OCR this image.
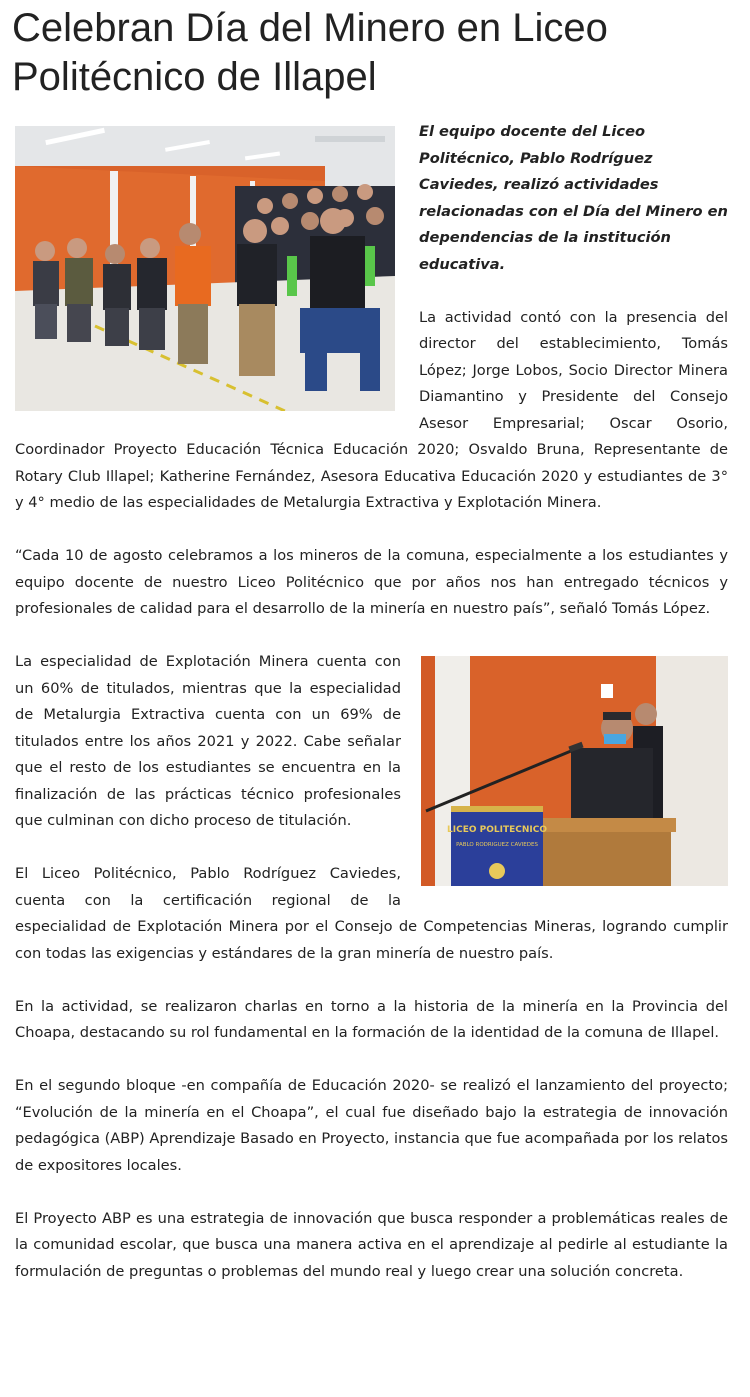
Celebran Día del Minero en Liceo Politécnico de Illapel

El equipo docente del Liceo Politécnico, Pablo Rodríguez Caviedes, realizó actividades relacionadas con el Día del Minero en dependencias de la institución educativa.

La actividad contó con la presencia del director del establecimiento, Tomás López; Jorge Lobos, Socio Director Minera Diamantino y Presidente del Consejo Asesor Empresarial; Oscar Osorio, Coordinador Proyecto Educación Técnica Educación 2020; Osvaldo Bruna, Representante de Rotary Club Illapel; Katherine Fernández, Asesora Educativa Educación 2020 y estudiantes de 3° y 4° medio de las especialidades de Metalurgia Extractiva y Explotación Minera.

“Cada 10 de agosto celebramos a los mineros de la comuna, especialmente a los estudiantes y equipo docente de nuestro Liceo Politécnico que por años nos han entregado técnicos y profesionales de calidad para el desarrollo de la minería en nuestro país”, señaló Tomás López.

LICEO POLITECNICO
PABLO RODRIGUEZ CAVIEDES

La especialidad de Explotación Minera cuenta con un 60% de titulados, mientras que la especialidad de Metalurgia Extractiva cuenta con un 69% de titulados entre los años 2021 y 2022. Cabe señalar que el resto de los estudiantes se encuentra en la finalización de las prácticas técnico profesionales que culminan con dicho proceso de titulación.

El Liceo Politécnico, Pablo Rodríguez Caviedes, cuenta con la certificación regional de la especialidad de Explotación Minera por el Consejo de Competencias Mineras, logrando cumplir con todas las exigencias y estándares de la gran minería de nuestro país.

En la actividad, se realizaron charlas en torno a la historia de la minería en la Provincia del Choapa, destacando su rol fundamental en la formación de la identidad de la comuna de Illapel.

En el segundo bloque -en compañía de Educación 2020- se realizó el lanzamiento del proyecto; “Evolución de la minería en el Choapa”, el cual fue diseñado bajo la estrategia de innovación pedagógica (ABP) Aprendizaje Basado en Proyecto, instancia que fue acompañada por los relatos de expositores locales.

El Proyecto ABP es una estrategia de innovación que busca responder a problemáticas reales de la comunidad escolar, que busca una manera activa en el aprendizaje al pedirle al estudiante la formulación de preguntas o problemas del mundo real y luego crear una solución concreta.
